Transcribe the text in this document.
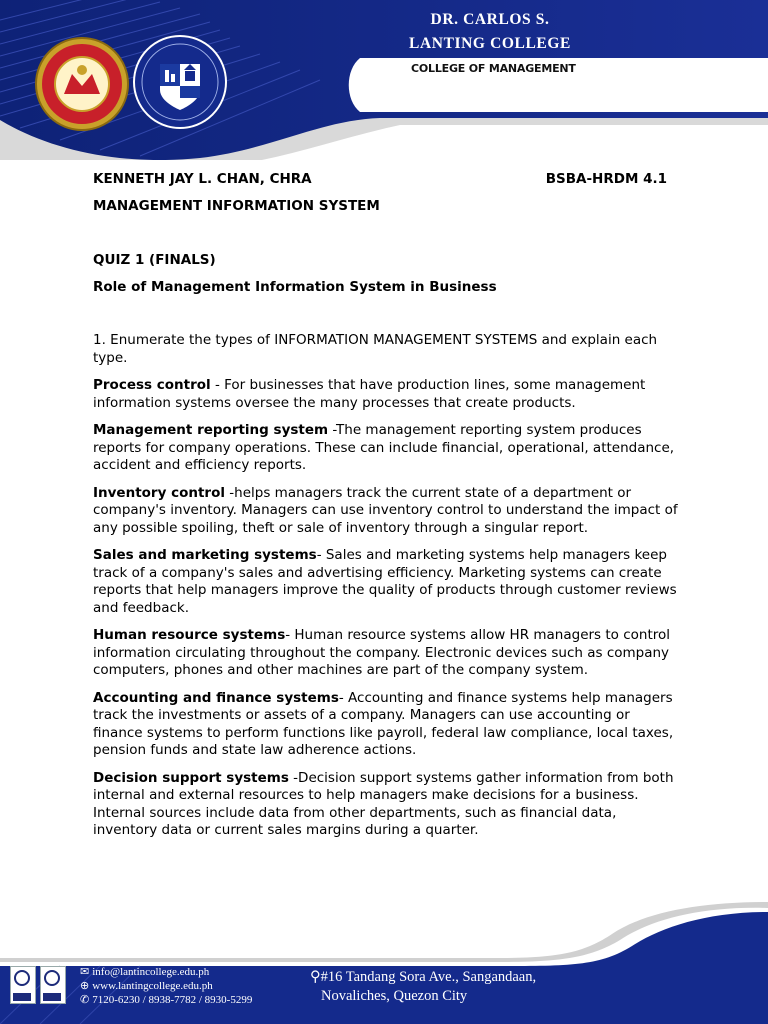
DR. CARLOS S.

LANTING COLLEGE

COLLEGE OF MANAGEMENT

KENNETH JAY L. CHAN, CHRA	BSBA-HRDM 4.1

MANAGEMENT INFORMATION SYSTEM

QUIZ 1 (FINALS)

Role of Management Information System in Business

1. Enumerate the types of INFORMATION MANAGEMENT SYSTEMS and explain each type.

Process control - For businesses that have production lines, some management information systems oversee the many processes that create products.

Management reporting system -The management reporting system produces reports for company operations. These can include financial, operational, attendance, accident and efficiency reports.

Inventory control -helps managers track the current state of a department or company's inventory. Managers can use inventory control to understand the impact of any possible spoiling, theft or sale of inventory through a singular report.

Sales and marketing systems- Sales and marketing systems help managers keep track of a company's sales and advertising efficiency. Marketing systems can create reports that help managers improve the quality of products through customer reviews and feedback.

Human resource systems- Human resource systems allow HR managers to control information circulating throughout the company. Electronic devices such as company computers, phones and other machines are part of the company system.

Accounting and finance systems- Accounting and finance systems help managers track the investments or assets of a company. Managers can use accounting or finance systems to perform functions like payroll, federal law compliance, local taxes, pension funds and state law adherence actions.

Decision support systems -Decision support systems gather information from both internal and external resources to help managers make decisions for a business. Internal sources include data from other departments, such as financial data, inventory data or current sales margins during a quarter.

✉ info@lantincollege.edu.ph
⊕ www.lantingcollege.edu.ph
✆ 7120-6230 / 8938-7782 / 8930-5299
⚲#16 Tandang Sora Ave., Sangandaan,
Novaliches, Quezon City
